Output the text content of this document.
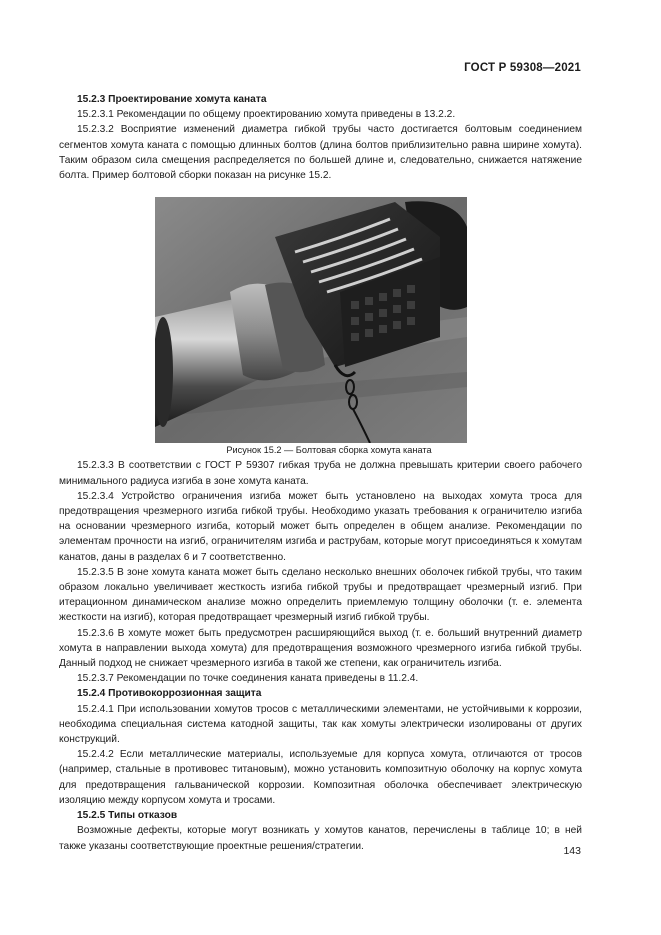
ГОСТ Р 59308—2021
15.2.3 Проектирование хомута каната

15.2.3.1 Рекомендации по общему проектированию хомута приведены в 13.2.2.

15.2.3.2 Восприятие изменений диаметра гибкой трубы часто достигается болтовым соединением сегментов хомута каната с помощью длинных болтов (длина болтов приблизительно равна ширине хомута). Таким образом сила смещения распределяется по большей длине и, следовательно, снижается натяжение болта. Пример болтовой сборки показан на рисунке 15.2.

Рисунок 15.2 — Болтовая сборка хомута каната

15.2.3.3 В соответствии с ГОСТ Р 59307 гибкая труба не должна превышать критерии своего рабочего минимального радиуса изгиба в зоне хомута каната.

15.2.3.4 Устройство ограничения изгиба может быть установлено на выходах хомута троса для предотвращения чрезмерного изгиба гибкой трубы. Необходимо указать требования к ограничителю изгиба на основании чрезмерного изгиба, который может быть определен в общем анализе. Рекомендации по элементам прочности на изгиб, ограничителям изгиба и раструбам, которые могут присоединяться к хомутам канатов, даны в разделах 6 и 7 соответственно.

15.2.3.5 В зоне хомута каната может быть сделано несколько внешних оболочек гибкой трубы, что таким образом локально увеличивает жесткость изгиба гибкой трубы и предотвращает чрезмерный изгиб. При итерационном динамическом анализе можно определить приемлемую толщину оболочки (т. е. элемента жесткости на изгиб), которая предотвращает чрезмерный изгиб гибкой трубы.

15.2.3.6 В хомуте может быть предусмотрен расширяющийся выход (т. е. больший внутренний диаметр хомута в направлении выхода хомута) для предотвращения возможного чрезмерного изгиба гибкой трубы. Данный подход не снижает чрезмерного изгиба в такой же степени, как ограничитель изгиба.

15.2.3.7 Рекомендации по точке соединения каната приведены в 11.2.4.

15.2.4 Противокоррозионная защита

15.2.4.1 При использовании хомутов тросов с металлическими элементами, не устойчивыми к коррозии, необходима специальная система катодной защиты, так как хомуты электрически изолированы от других конструкций.

15.2.4.2 Если металлические материалы, используемые для корпуса хомута, отличаются от тросов (например, стальные в противовес титановым), можно установить композитную оболочку на корпус хомута для предотвращения гальванической коррозии. Композитная оболочка обеспечивает электрическую изоляцию между корпусом хомута и тросами.

15.2.5 Типы отказов

Возможные дефекты, которые могут возникать у хомутов канатов, перечислены в таблице 10; в ней также указаны соответствующие проектные решения/стратегии.	143
